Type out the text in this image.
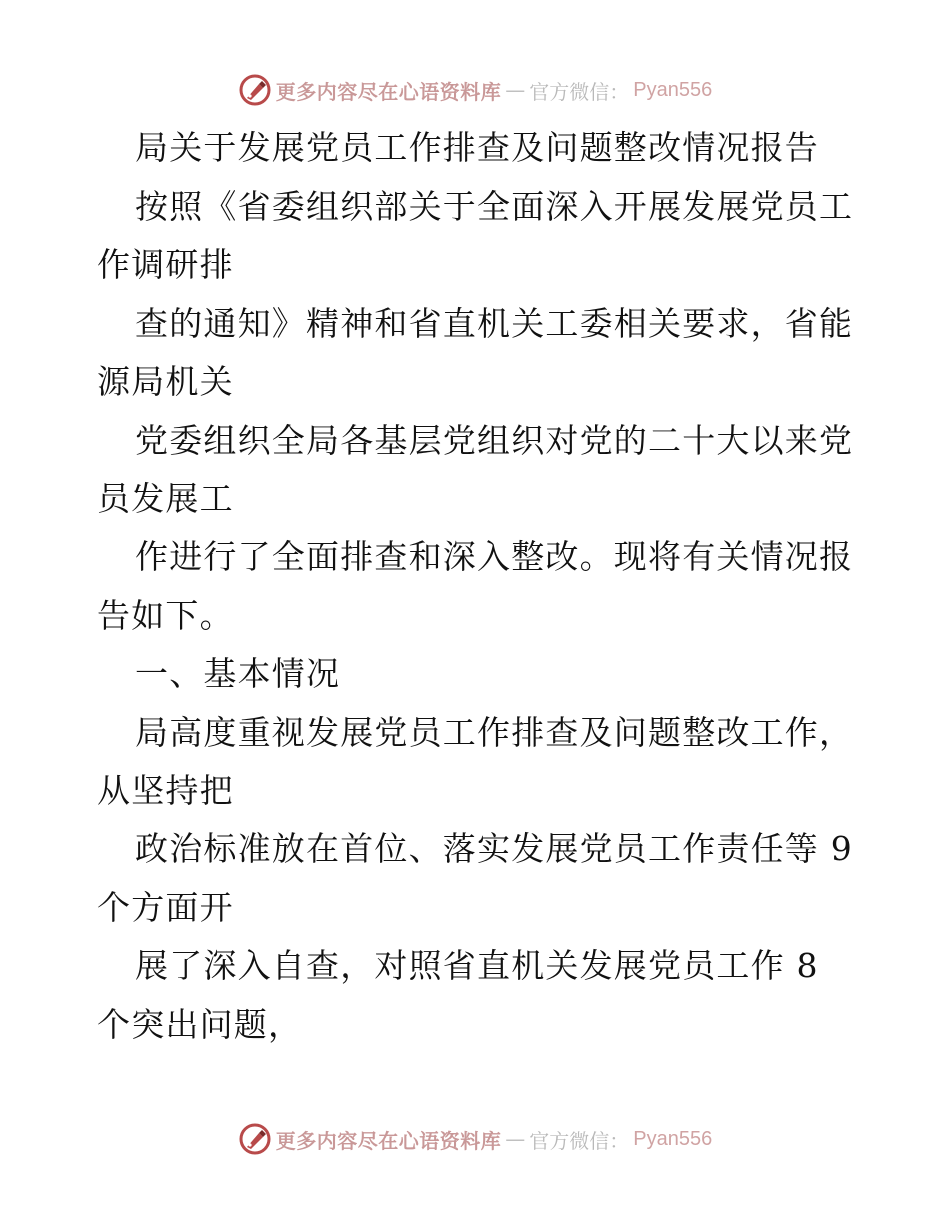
更多内容尽在心语资料库 — 官方微信： Pyan556
局关于发展党员工作排查及问题整改情况报告
按照《省委组织部关于全面深入开展发展党员工
作调研排
查的通知》精神和省直机关工委相关要求，省能
源局机关
党委组织全局各基层党组织对党的二十大以来党
员发展工
作进行了全面排查和深入整改。现将有关情况报
告如下。
一、基本情况
局高度重视发展党员工作排查及问题整改工作，
从坚持把
政治标准放在首位、落实发展党员工作责任等 9
个方面开
展了深入自查，对照省直机关发展党员工作 8
个突出问题，
更多内容尽在心语资料库 — 官方微信： Pyan556
